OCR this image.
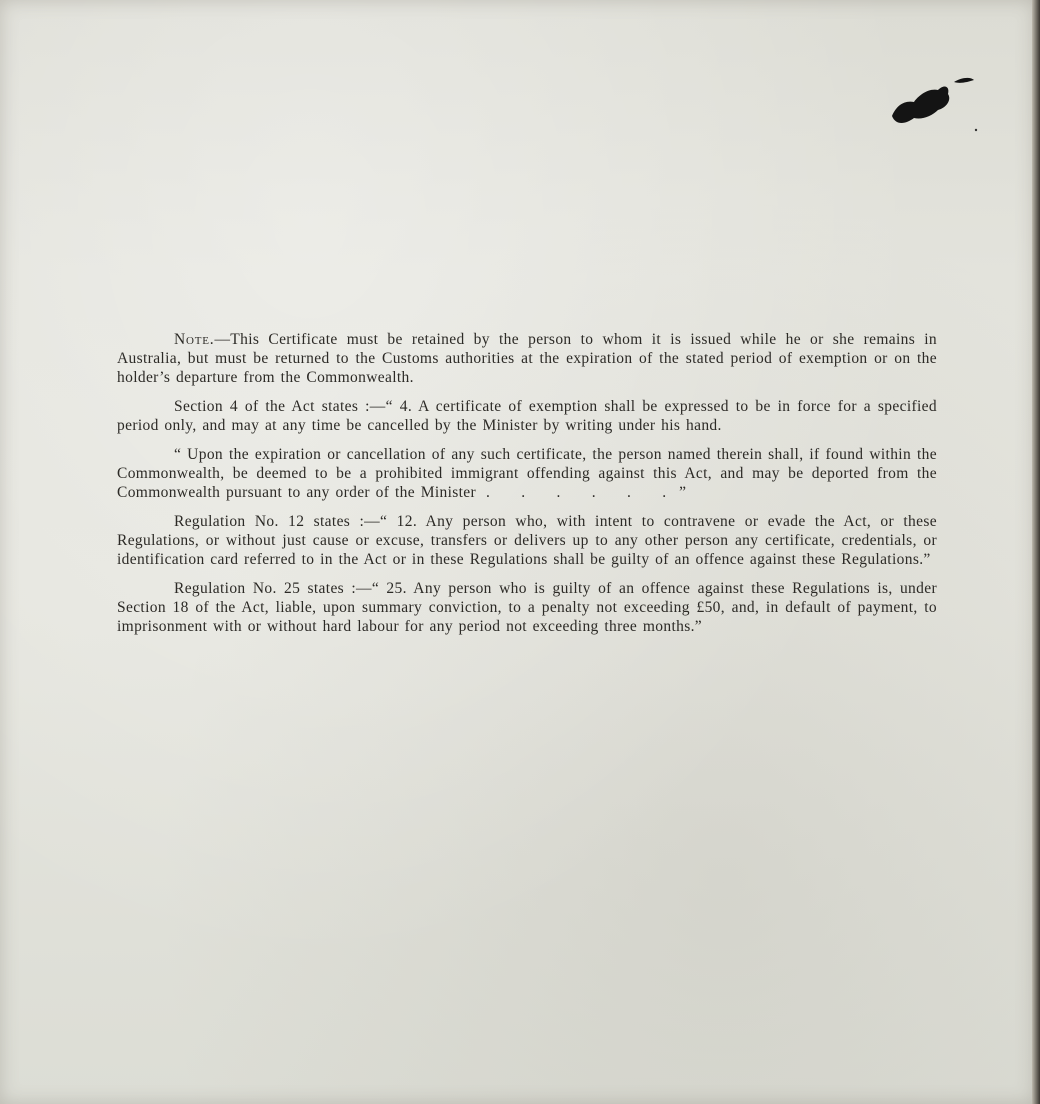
Note.—This Certificate must be retained by the person to whom it is issued while he or she remains in Australia, but must be returned to the Customs authorities at the expiration of the stated period of exemption or on the holder’s departure from the Commonwealth.

Section 4 of the Act states :—“ 4. A certificate of exemption shall be expressed to be in force for a specified period only, and may at any time be cancelled by the Minister by writing under his hand.

“ Upon the expiration or cancellation of any such certificate, the person named therein shall, if found within the Commonwealth, be deemed to be a prohibited immigrant offending against this Act, and may be deported from the Commonwealth pursuant to any order of the Minister . . . . . .”

Regulation No. 12 states :—“ 12. Any person who, with intent to contravene or evade the Act, or these Regulations, or without just cause or excuse, transfers or delivers up to any other person any certificate, credentials, or identification card referred to in the Act or in these Regulations shall be guilty of an offence against these Regulations.”

Regulation No. 25 states :—“ 25. Any person who is guilty of an offence against these Regulations is, under Section 18 of the Act, liable, upon summary conviction, to a penalty not exceeding £50, and, in default of payment, to imprisonment with or without hard labour for any period not exceeding three months.”
